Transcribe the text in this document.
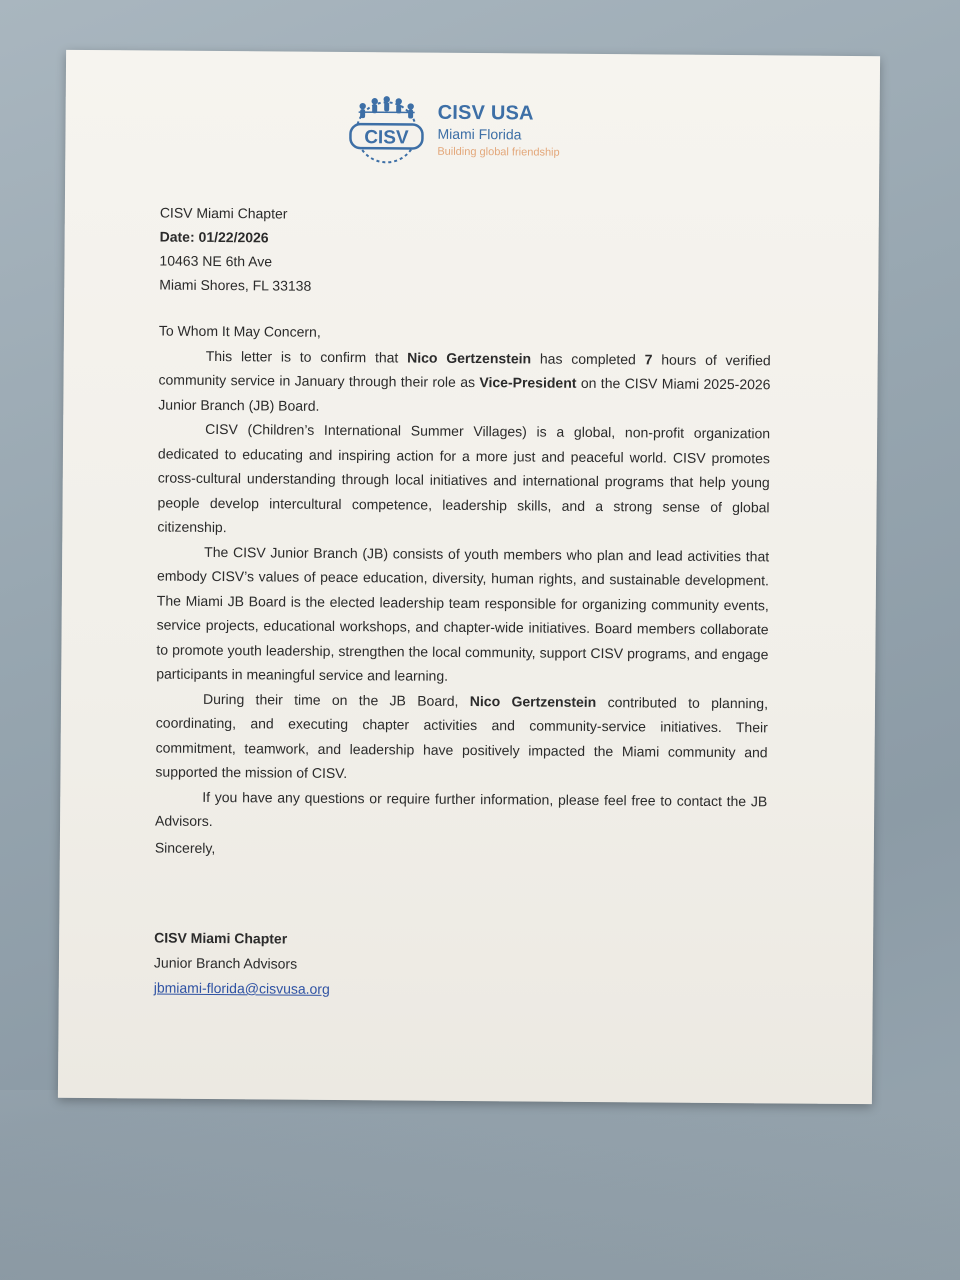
CISV
CISV USA
Miami Florida
Building global friendship
CISV Miami Chapter
Date: 01/22/2026
10463 NE 6th Ave
Miami Shores, FL 33138
To Whom It May Concern,

This letter is to confirm that Nico Gertzenstein has completed 7 hours of verified community service in January through their role as Vice-President on the CISV Miami 2025-2026 Junior Branch (JB) Board.

CISV (Children’s International Summer Villages) is a global, non-profit organization dedicated to educating and inspiring action for a more just and peaceful world. CISV promotes cross-cultural understanding through local initiatives and international programs that help young people develop intercultural competence, leadership skills, and a strong sense of global citizenship.

The CISV Junior Branch (JB) consists of youth members who plan and lead activities that embody CISV’s values of peace education, diversity, human rights, and sustainable development. The Miami JB Board is the elected leadership team responsible for organizing community events, service projects, educational workshops, and chapter-wide initiatives. Board members collaborate to promote youth leadership, strengthen the local community, support CISV programs, and engage participants in meaningful service and learning.

During their time on the JB Board, Nico Gertzenstein contributed to planning, coordinating, and executing chapter activities and community-service initiatives. Their commitment, teamwork, and leadership have positively impacted the Miami community and supported the mission of CISV.

If you have any questions or require further information, please feel free to contact the JB Advisors.

Sincerely,
CISV Miami Chapter
Junior Branch Advisors
jbmiami-florida@cisvusa.org
